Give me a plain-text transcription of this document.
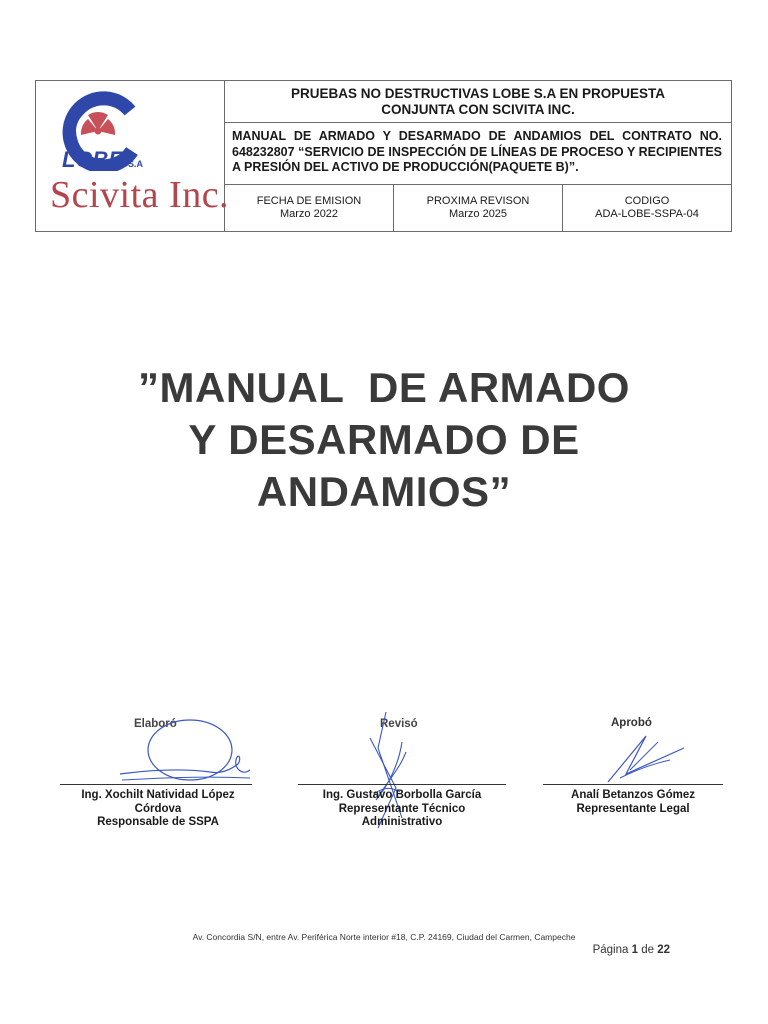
LOBE S.A
Scivita Inc.
PRUEBAS NO DESTRUCTIVAS LOBE S.A EN PROPUESTA CONJUNTA CON SCIVITA INC.
MANUAL DE ARMADO Y DESARMADO DE ANDAMIOS DEL CONTRATO NO. 648232807 “SERVICIO DE INSPECCIÓN DE LÍNEAS DE PROCESO Y RECIPIENTES A PRESIÓN DEL ACTIVO DE PRODUCCIÓN(PAQUETE B)”.
FECHA DE EMISION
Marzo 2022
PROXIMA REVISON
Marzo 2025
CODIGO
ADA-LOBE-SSPA-04
”MANUAL  DE ARMADO
Y DESARMADO DE
ANDAMIOS”
Elaboró
Ing. Xochilt Natividad López
Córdova
Responsable de SSPA
Revisó
Ing. Gustavo Borbolla García
Representante Técnico
Administrativo
Aprobó
Analí Betanzos Gómez
Representante Legal
Av. Concordia S/N, entre Av. Periférica Norte interior #18, C.P. 24169, Ciudad del Carmen, Campeche
Página 1 de 22
